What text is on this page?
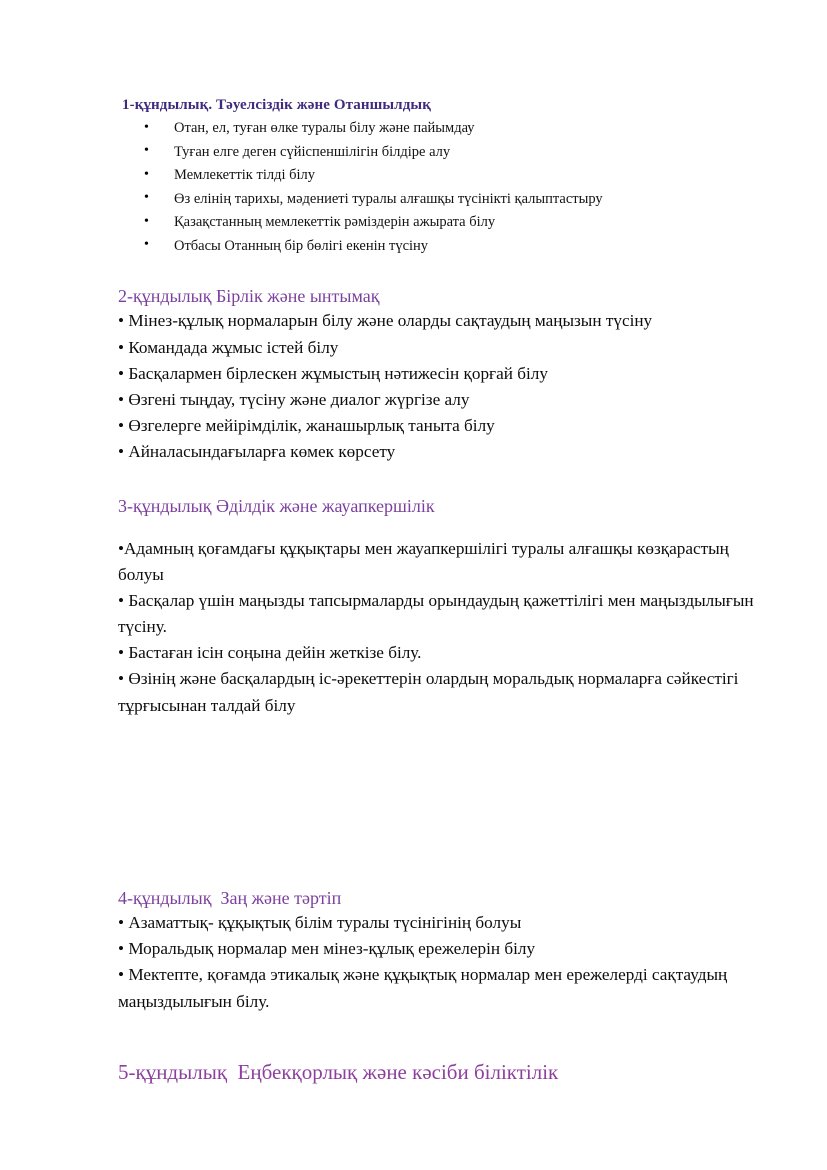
1-құндылық. Тәуелсіздік және Отаншылдық
• Отан, ел, туған өлке туралы білу және пайымдау
• Туған елге деген сүйіспеншілігін білдіре алу
• Мемлекеттік тілді білу
• Өз елінің тарихы, мәдениеті туралы алғашқы түсінікті қалыптастыру
• Қазақстанның мемлекеттік рәміздерін ажырата білу
• Отбасы Отанның бір бөлігі екенін түсіну
2-құндылық Бірлік және ынтымақ
• Мінез-құлық нормаларын білу және оларды сақтаудың маңызын түсіну
• Командада жұмыс істей білу
• Басқалармен бірлескен жұмыстың нәтижесін қорғай білу
• Өзгені тыңдау, түсіну және диалог жүргізе алу
• Өзгелерге мейірімділік, жанашырлық таныта білу
• Айналасындағыларға көмек көрсету
3-құндылық Әділдік және жауапкершілік
•Адамның қоғамдағы құқықтары мен жауапкершілігі туралы алғашқы көзқарастың болуы
• Басқалар үшін маңызды тапсырмаларды орындаудың қажеттілігі мен маңыздылығын түсіну.
• Бастаған ісін соңына дейін жеткізе білу.
• Өзінің және басқалардың іс-әрекеттерін олардың моральдық нормаларға сәйкестігі тұрғысынан талдай білу
4-құндылық  Заң және тәртіп
• Азаматтық- құқықтық білім туралы түсінігінің болуы
• Моральдық нормалар мен мінез-құлық ережелерін білу
• Мектепте, қоғамда этикалық және құқықтық нормалар мен ережелерді сақтаудың маңыздылығын білу.
5-құндылық  Еңбекқорлық және кәсіби біліктілік
